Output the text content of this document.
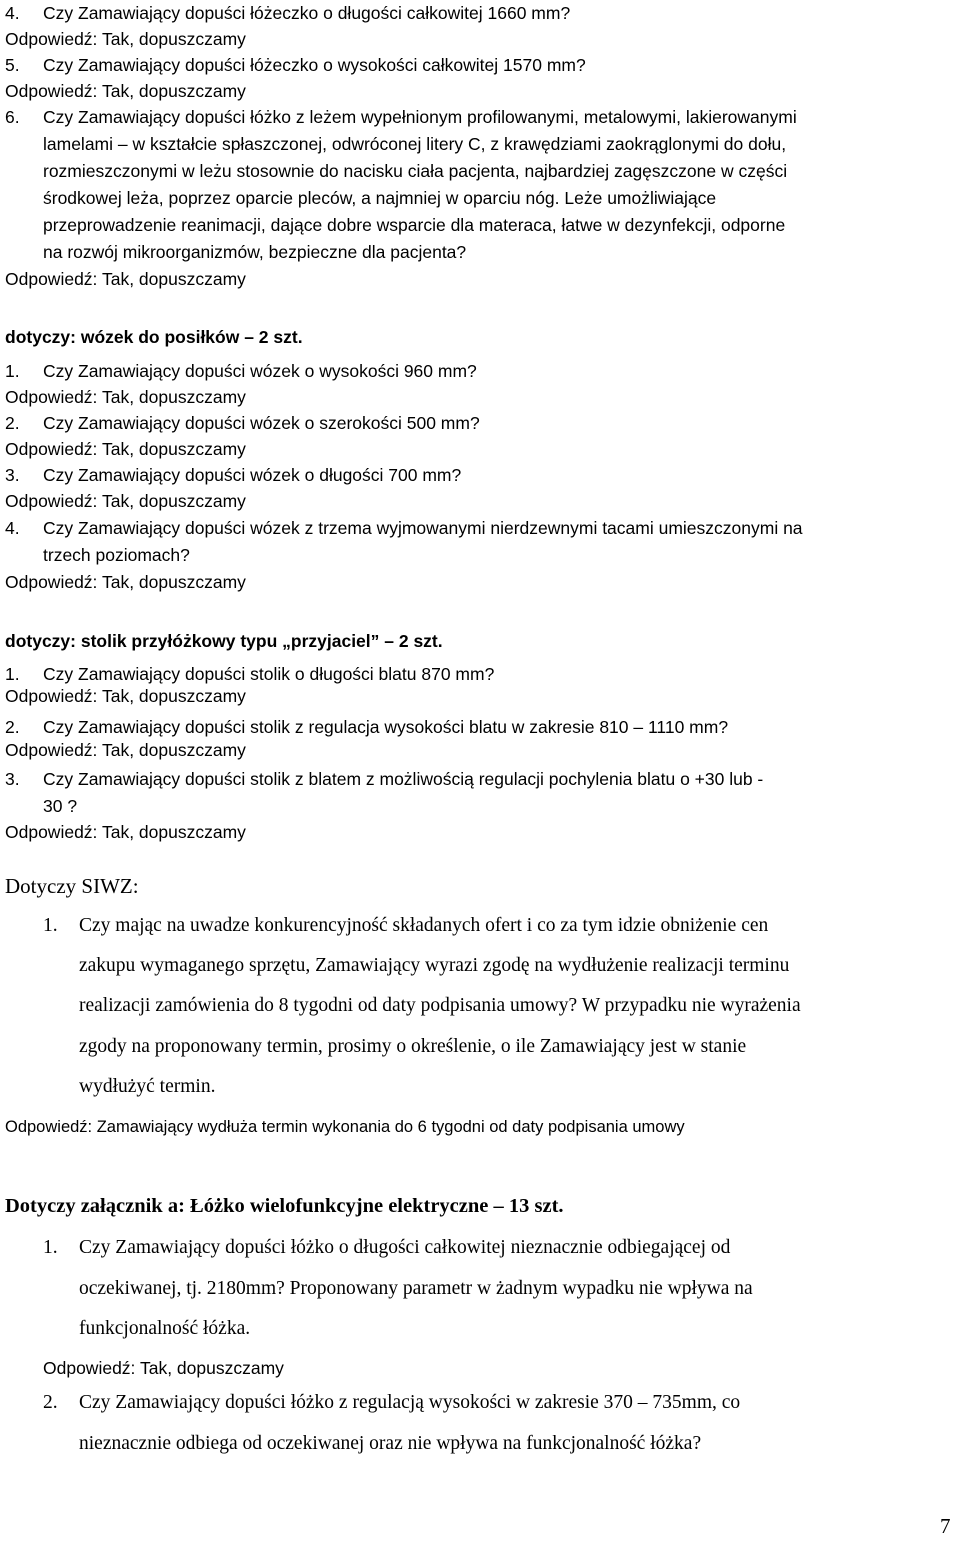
4.	Czy Zamawiający dopuści łóżeczko o długości całkowitej 1660 mm?
Odpowiedź: Tak, dopuszczamy
5.	Czy Zamawiający dopuści łóżeczko o wysokości całkowitej 1570 mm?
Odpowiedź: Tak, dopuszczamy
6. Czy Zamawiający dopuści łóżko z leżem wypełnionym profilowanymi, metalowymi, lakierowanymi
lamelami – w kształcie spłaszczonej, odwróconej litery C, z krawędziami zaokrąglonymi do dołu,
rozmieszczonymi w leżu stosownie do nacisku ciała pacjenta, najbardziej zagęszczone w części
środkowej leża, poprzez oparcie pleców, a najmniej w oparciu nóg. Leże umożliwiające
przeprowadzenie reanimacji, dające dobre wsparcie dla materaca, łatwe w dezynfekcji, odporne
na rozwój mikroorganizmów, bezpieczne dla pacjenta?
Odpowiedź: Tak, dopuszczamy
dotyczy: wózek do posiłków – 2 szt.
1. Czy Zamawiający dopuści wózek o wysokości 960 mm?
Odpowiedź: Tak, dopuszczamy
2. Czy Zamawiający dopuści wózek o szerokości 500 mm?
Odpowiedź: Tak, dopuszczamy
3. Czy Zamawiający dopuści wózek o długości 700 mm?
Odpowiedź: Tak, dopuszczamy
4. Czy Zamawiający dopuści wózek z trzema wyjmowanymi nierdzewnymi tacami umieszczonymi na
trzech poziomach?
Odpowiedź: Tak, dopuszczamy
dotyczy: stolik przyłóżkowy typu „przyjaciel” – 2 szt.
1. Czy Zamawiający dopuści stolik o długości blatu 870 mm?
Odpowiedź: Tak, dopuszczamy
2. Czy Zamawiający dopuści stolik z regulacja wysokości blatu w zakresie 810 – 1110 mm?
Odpowiedź: Tak, dopuszczamy
3. Czy Zamawiający dopuści stolik z blatem z możliwością regulacji pochylenia blatu o +30 lub -
30 ?
Odpowiedź: Tak, dopuszczamy
Dotyczy SIWZ:
1. Czy mając na uwadze konkurencyjność składanych ofert i co za tym idzie obniżenie cen
zakupu wymaganego sprzętu, Zamawiający wyrazi zgodę na wydłużenie realizacji terminu
realizacji zamówienia do 8 tygodni od daty podpisania umowy? W przypadku nie wyrażenia
zgody na proponowany termin, prosimy o określenie, o ile Zamawiający jest w stanie
wydłużyć termin.
Odpowiedź: Zamawiający wydłuża termin wykonania do 6 tygodni od daty podpisania umowy
Dotyczy załącznik a: Łóżko wielofunkcyjne elektryczne – 13 szt.
1. Czy Zamawiający dopuści łóżko o długości całkowitej nieznacznie odbiegającej od
oczekiwanej, tj. 2180mm? Proponowany parametr w żadnym wypadku nie wpływa na
funkcjonalność łóżka.
Odpowiedź: Tak, dopuszczamy
2. Czy Zamawiający dopuści łóżko z regulacją wysokości w zakresie 370 – 735mm, co
nieznacznie odbiega od oczekiwanej oraz nie wpływa na funkcjonalność łóżka?
7
